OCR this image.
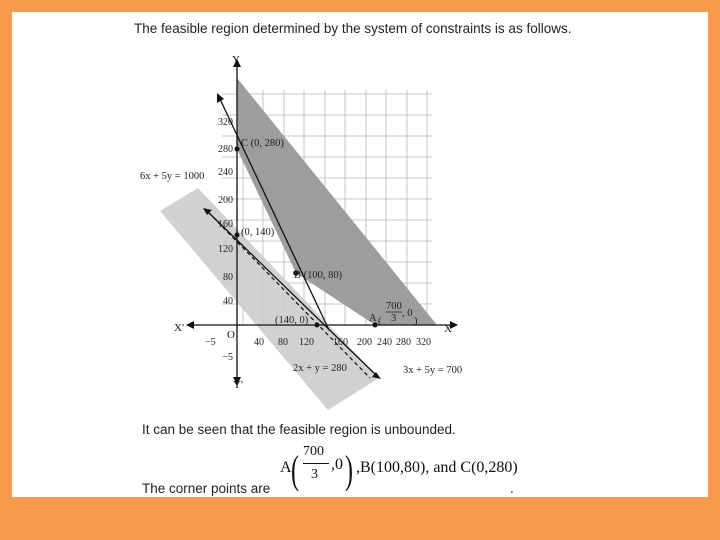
The feasible region determined by the system of constraints is as follows.
−5	40 80 120 160 200 240 280 320
320
280
240
200
160
120
80
40
−5
X
X'
Y
Y'
O
6x + 5y = 1000
2x + y = 280	3x + 5y = 700
C (0, 280)
(0, 140)
B (100, 80)
(140, 0)	A (
700
3 , 0
)
It can be seen that the feasible region is unbounded.
The corner points are	.
A ( 700
3
,0 ) ,B(100,80), and C(0,280)
